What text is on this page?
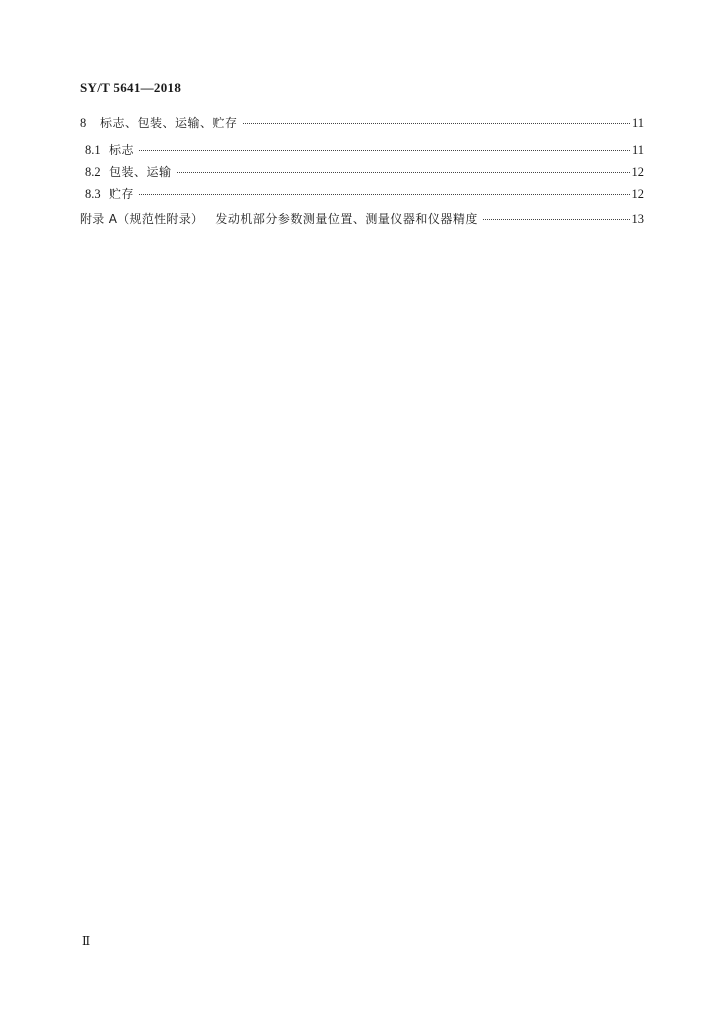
SY/T 5641—2018
8	标志、包装、运输、贮存	11
8.1 标志	11
8.2 包装、运输	12
8.3 贮存	12
附录 A（规范性附录） 发动机部分参数测量位置、测量仪器和仪器精度	13
Ⅱ
